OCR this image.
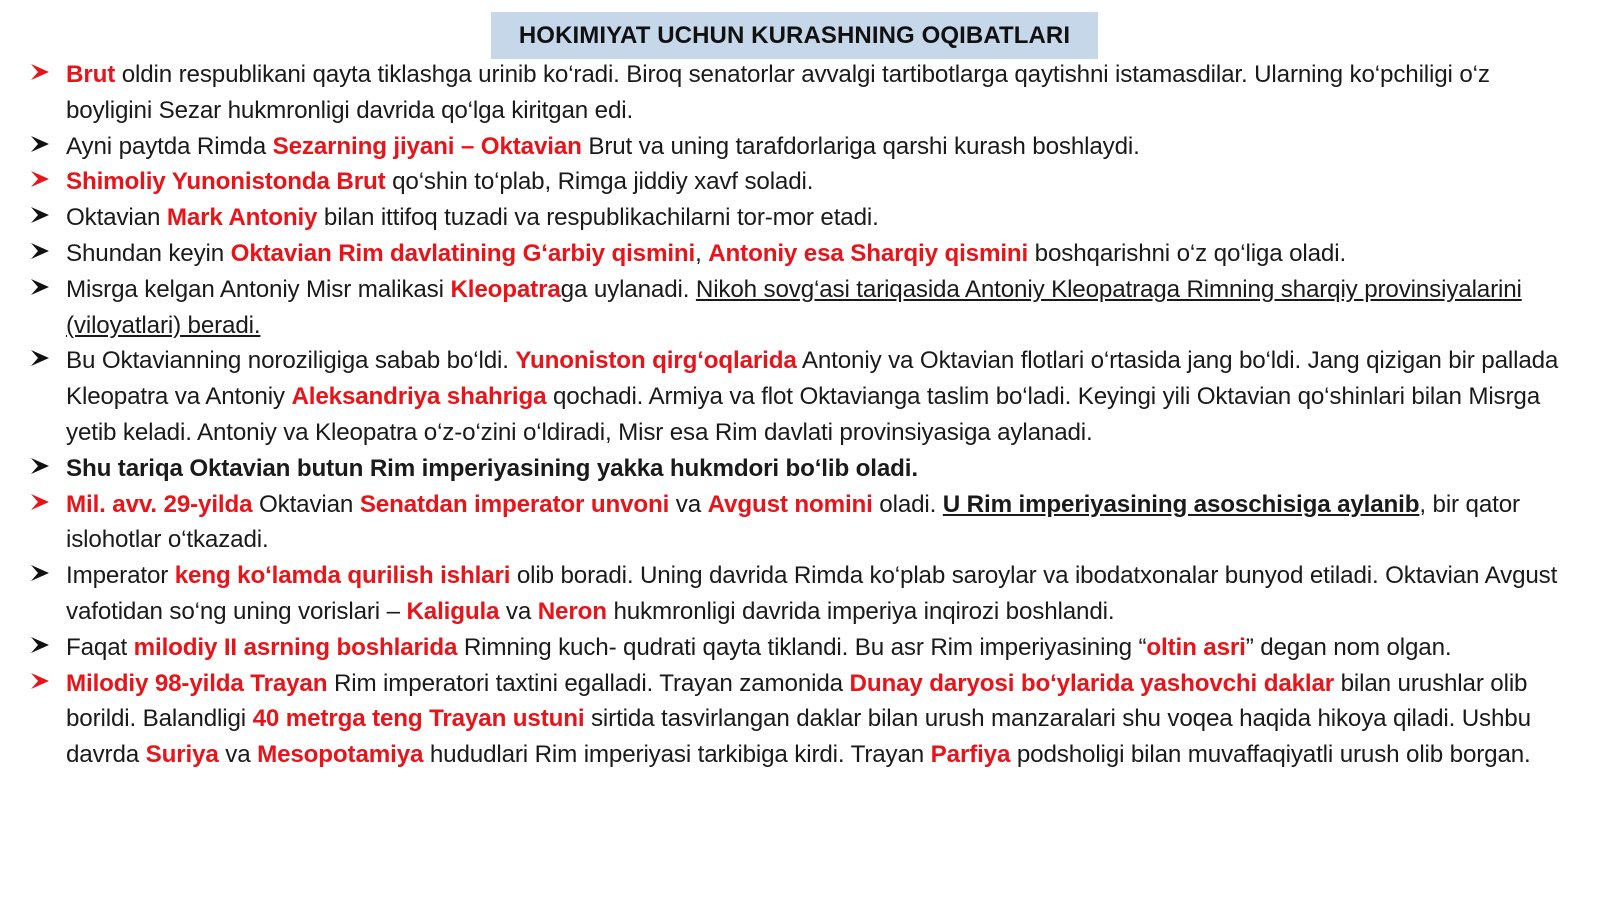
HOKIMIYAT UCHUN KURASHNING OQIBATLARI
Brut oldin respublikani qayta tiklashga urinib ko‘radi. Biroq senatorlar avvalgi tartibotlarga qaytishni istamasdilar. Ularning ko‘pchiligi o‘z boyligini Sezar hukmronligi davrida qo‘lga kiritgan edi.
Ayni paytda Rimda Sezarning jiyani – Oktavian Brut va uning tarafdorlariga qarshi kurash boshlaydi.
Shimoliy Yunonistonda Brut qo‘shin to‘plab, Rimga jiddiy xavf soladi.
Oktavian Mark Antoniy bilan ittifoq tuzadi va respublikachilarni tor-mor etadi.
Shundan keyin Oktavian Rim davlatining G‘arbiy qismini, Antoniy esa Sharqiy qismini boshqarishni o‘z qo‘liga oladi.
Misrga kelgan Antoniy Misr malikasi Kleopatraga uylanadi. Nikoh sovg‘asi tariqasida Antoniy Kleopatraga Rimning sharqiy provinsiyalarini (viloyatlari) beradi.
Bu Oktavianning noroziligiga sabab bo‘ldi. Yunoniston qirg‘oqlarida Antoniy va Oktavian flotlari o‘rtasida jang bo‘ldi. Jang qizigan bir pallada Kleopatra va Antoniy Aleksandriya shahriga qochadi. Armiya va flot Oktavianga taslim bo‘ladi. Keyingi yili Oktavian qo‘shinlari bilan Misrga yetib keladi. Antoniy va Kleopatra o‘z-o‘zini o‘ldiradi, Misr esa Rim davlati provinsiyasiga aylanadi.
Shu tariqa Oktavian butun Rim imperiyasining yakka hukmdori bo‘lib oladi.
Mil. avv. 29-yilda Oktavian Senatdan imperator unvoni va Avgust nomini oladi. U Rim imperiyasining asoschisiga aylanib, bir qator islohotlar o‘tkazadi.
Imperator keng ko‘lamda qurilish ishlari olib boradi. Uning davrida Rimda ko‘plab saroylar va ibodatxonalar bunyod etiladi. Oktavian Avgust vafotidan so‘ng uning vorislari – Kaligula va Neron hukmronligi davrida imperiya inqirozi boshlandi.
Faqat milodiy II asrning boshlarida Rimning kuch- qudrati qayta tiklandi. Bu asr Rim imperiyasining “oltin asri” degan nom olgan.
Milodiy 98-yilda Trayan Rim imperatori taxtini egalladi. Trayan zamonida Dunay daryosi bo‘ylarida yashovchi daklar bilan urushlar olib borildi. Balandligi 40 metrga teng Trayan ustuni sirtida tasvirlangan daklar bilan urush manzaralari shu voqea haqida hikoya qiladi. Ushbu davrda Suriya va Mesopotamiya hududlari Rim imperiyasi tarkibiga kirdi. Trayan Parfiya podsholigi bilan muvaffaqiyatli urush olib borgan.
